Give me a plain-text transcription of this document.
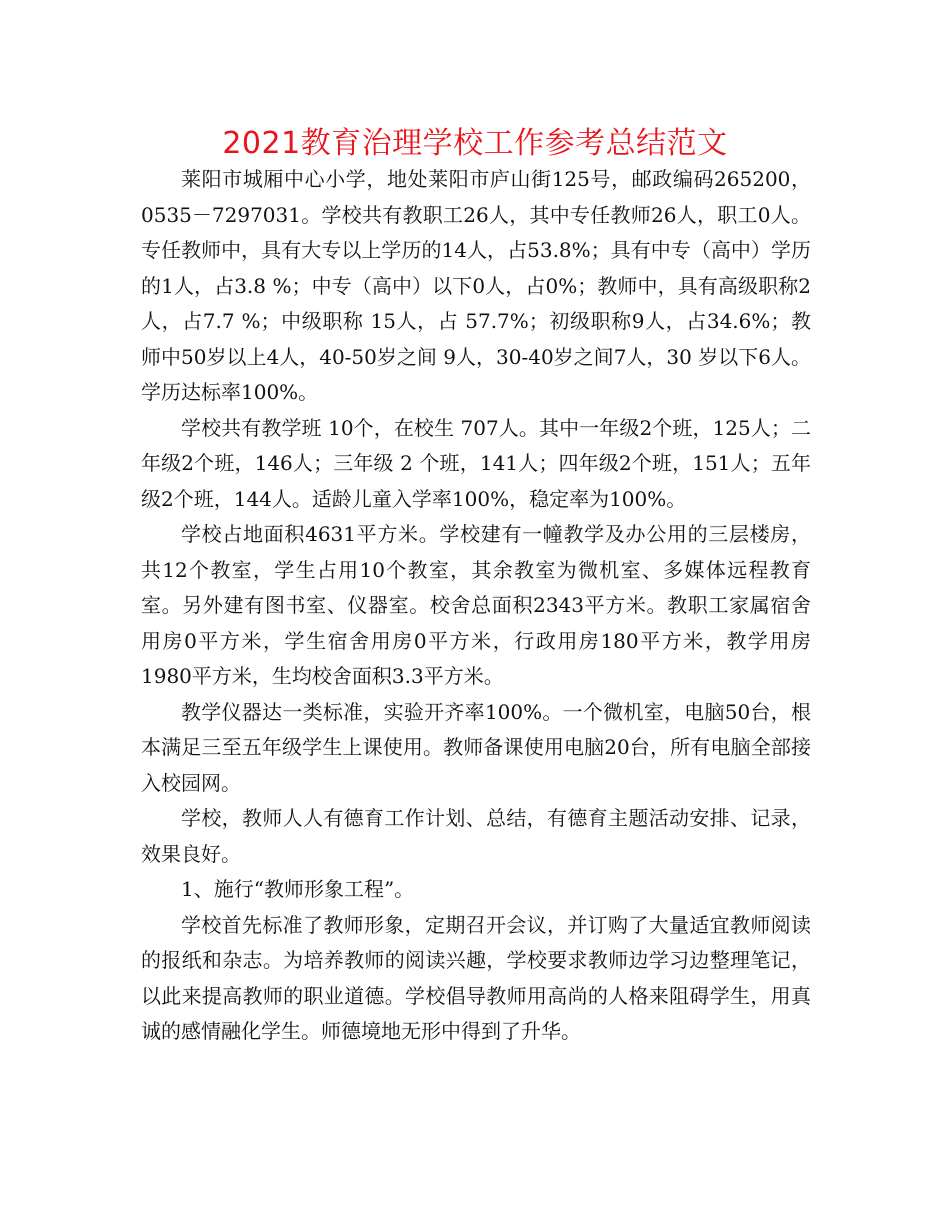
2021教育治理学校工作参考总结范文

莱阳市城厢中心小学，地处莱阳市庐山街125号，邮政编码265200，0535－7297031。学校共有教职工26人，其中专任教师26人，职工0人。专任教师中，具有大专以上学历的14人，占53.8%；具有中专（高中）学历的1人，占3.8 %；中专（高中）以下0人，占0%；教师中，具有高级职称2人，占7.7 %；中级职称 15人，占 57.7%；初级职称9人，占34.6%；教师中50岁以上4人，40-50岁之间 9人，30-40岁之间7人，30 岁以下6人。学历达标率100%。

学校共有教学班 10个，在校生 707人。其中一年级2个班，125人；二年级2个班，146人；三年级 2 个班，141人；四年级2个班，151人；五年级2个班，144人。适龄儿童入学率100%，稳定率为100%。

学校占地面积4631平方米。学校建有一幢教学及办公用的三层楼房，共12个教室，学生占用10个教室，其余教室为微机室、多媒体远程教育室。另外建有图书室、仪器室。校舍总面积2343平方米。教职工家属宿舍用房0平方米，学生宿舍用房0平方米，行政用房180平方米，教学用房1980平方米，生均校舍面积3.3平方米。

教学仪器达一类标准，实验开齐率100%。一个微机室，电脑50台，根本满足三至五年级学生上课使用。教师备课使用电脑20台，所有电脑全部接入校园网。

学校，教师人人有德育工作计划、总结，有德育主题活动安排、记录，效果良好。

1、施行“教师形象工程”。

学校首先标准了教师形象，定期召开会议，并订购了大量适宜教师阅读的报纸和杂志。为培养教师的阅读兴趣，学校要求教师边学习边整理笔记，以此来提高教师的职业道德。学校倡导教师用高尚的人格来阻碍学生，用真诚的感情融化学生。师德境地无形中得到了升华。
